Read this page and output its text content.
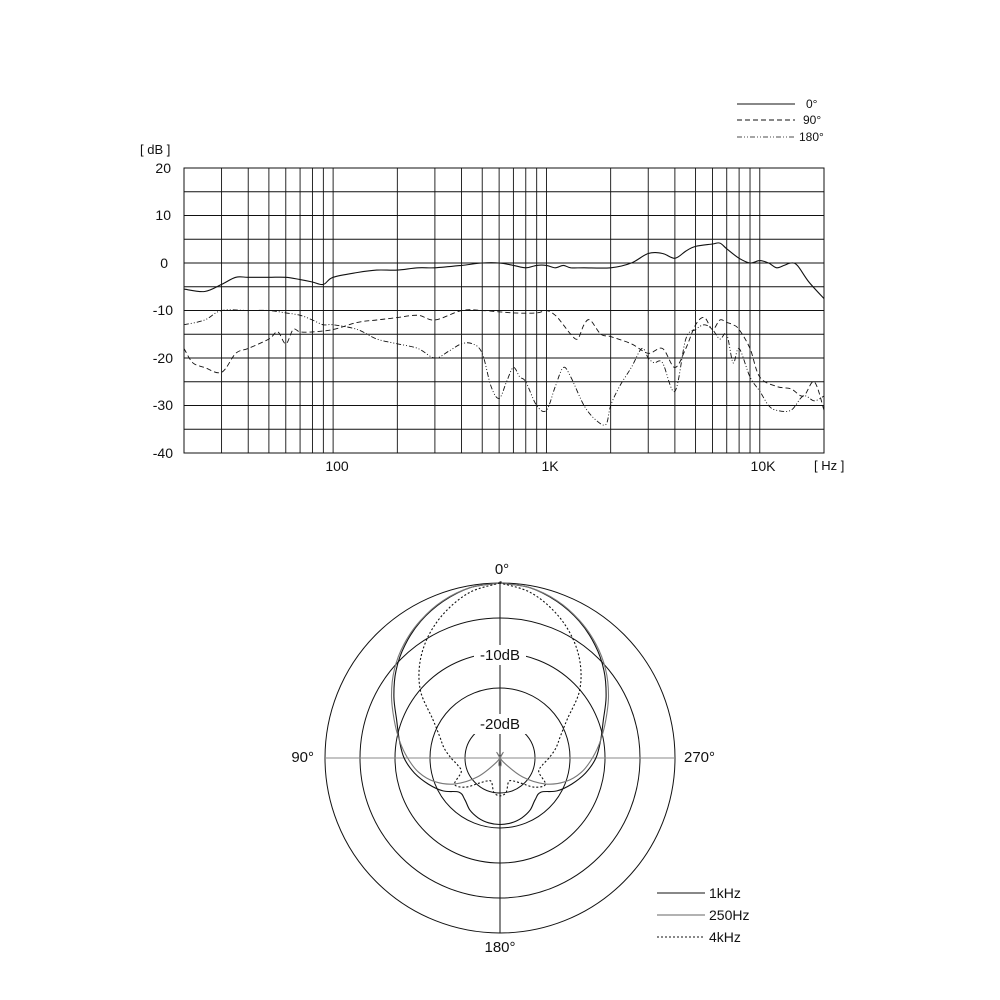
[ dB ]
20
10
0
-10
-20
-30
-40
100	1K	10K	[ Hz ]
0°
90°
180°
-10dB
-20dB
0°
90°	270°
180°
1kHz
250Hz
4kHz
